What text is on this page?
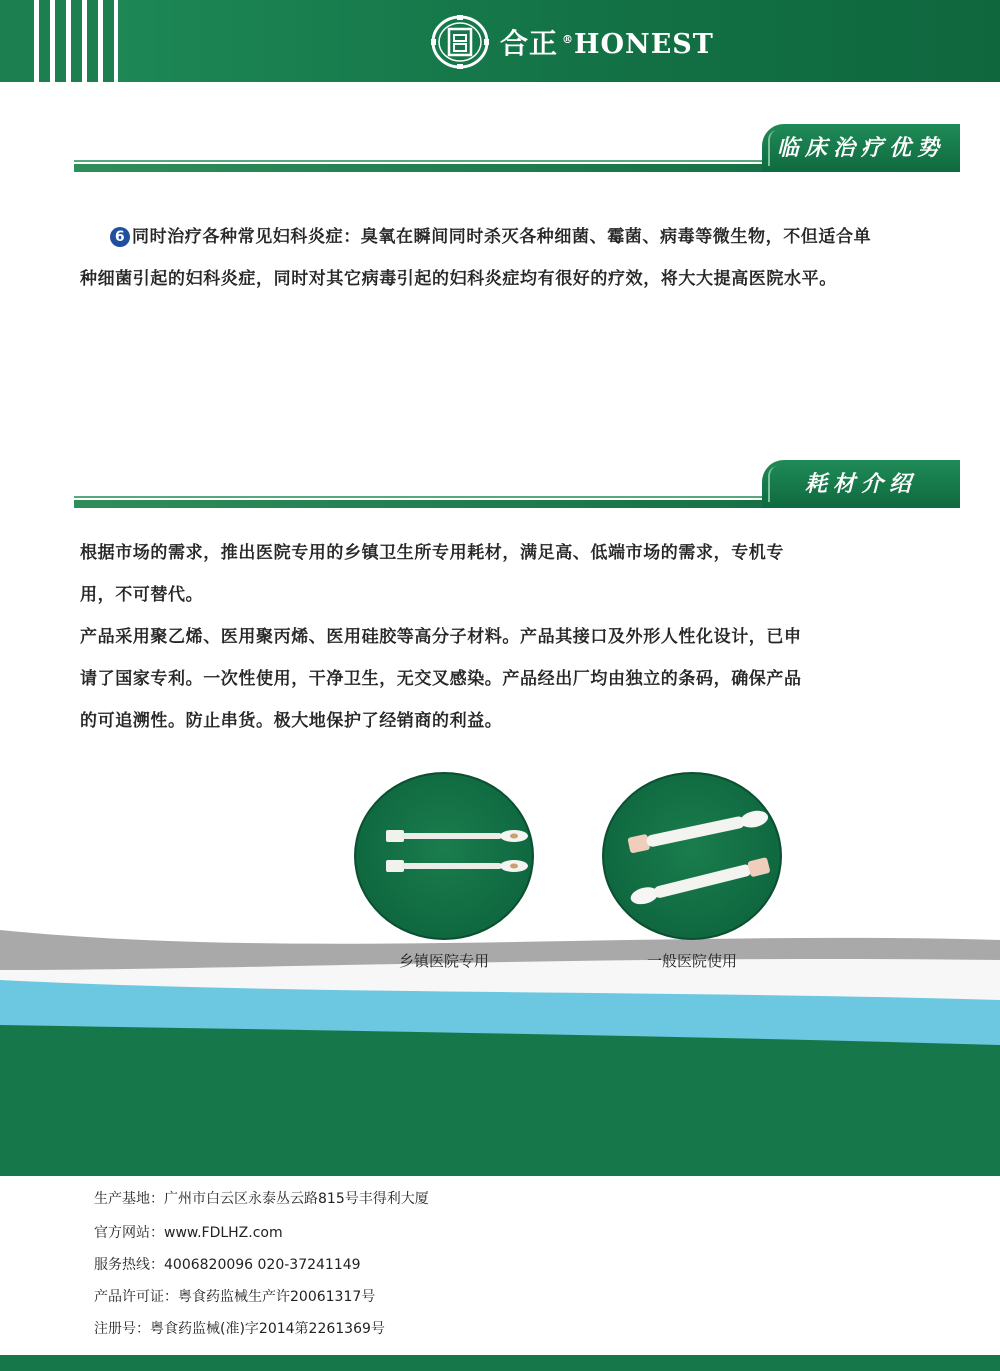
合正 ®HONEST
临床治疗优势
6 同时治疗各种常见妇科炎症：臭氧在瞬间同时杀灭各种细菌、霉菌、病毒等微生物，不但适合单
种细菌引起的妇科炎症，同时对其它病毒引起的妇科炎症均有很好的疗效，将大大提高医院水平。
耗材介绍
根据市场的需求，推出医院专用的乡镇卫生所专用耗材，满足高、低端市场的需求，专机专
用，不可替代。
产品采用聚乙烯、医用聚丙烯、医用硅胶等高分子材料。产品其接口及外形人性化设计，已申
请了国家专利。一次性使用，干净卫生，无交叉感染。产品经出厂均由独立的条码，确保产品
的可追溯性。防止串货。极大地保护了经销商的利益。
乡镇医院专用	一般医院使用
生产基地：广州市白云区永泰丛云路815号丰得利大厦
官方网站：www.FDLHZ.com
服务热线：4006820096 020-37241149
产品许可证：粤食药监械生产许20061317号
注册号：粤食药监械(准)字2014第2261369号
